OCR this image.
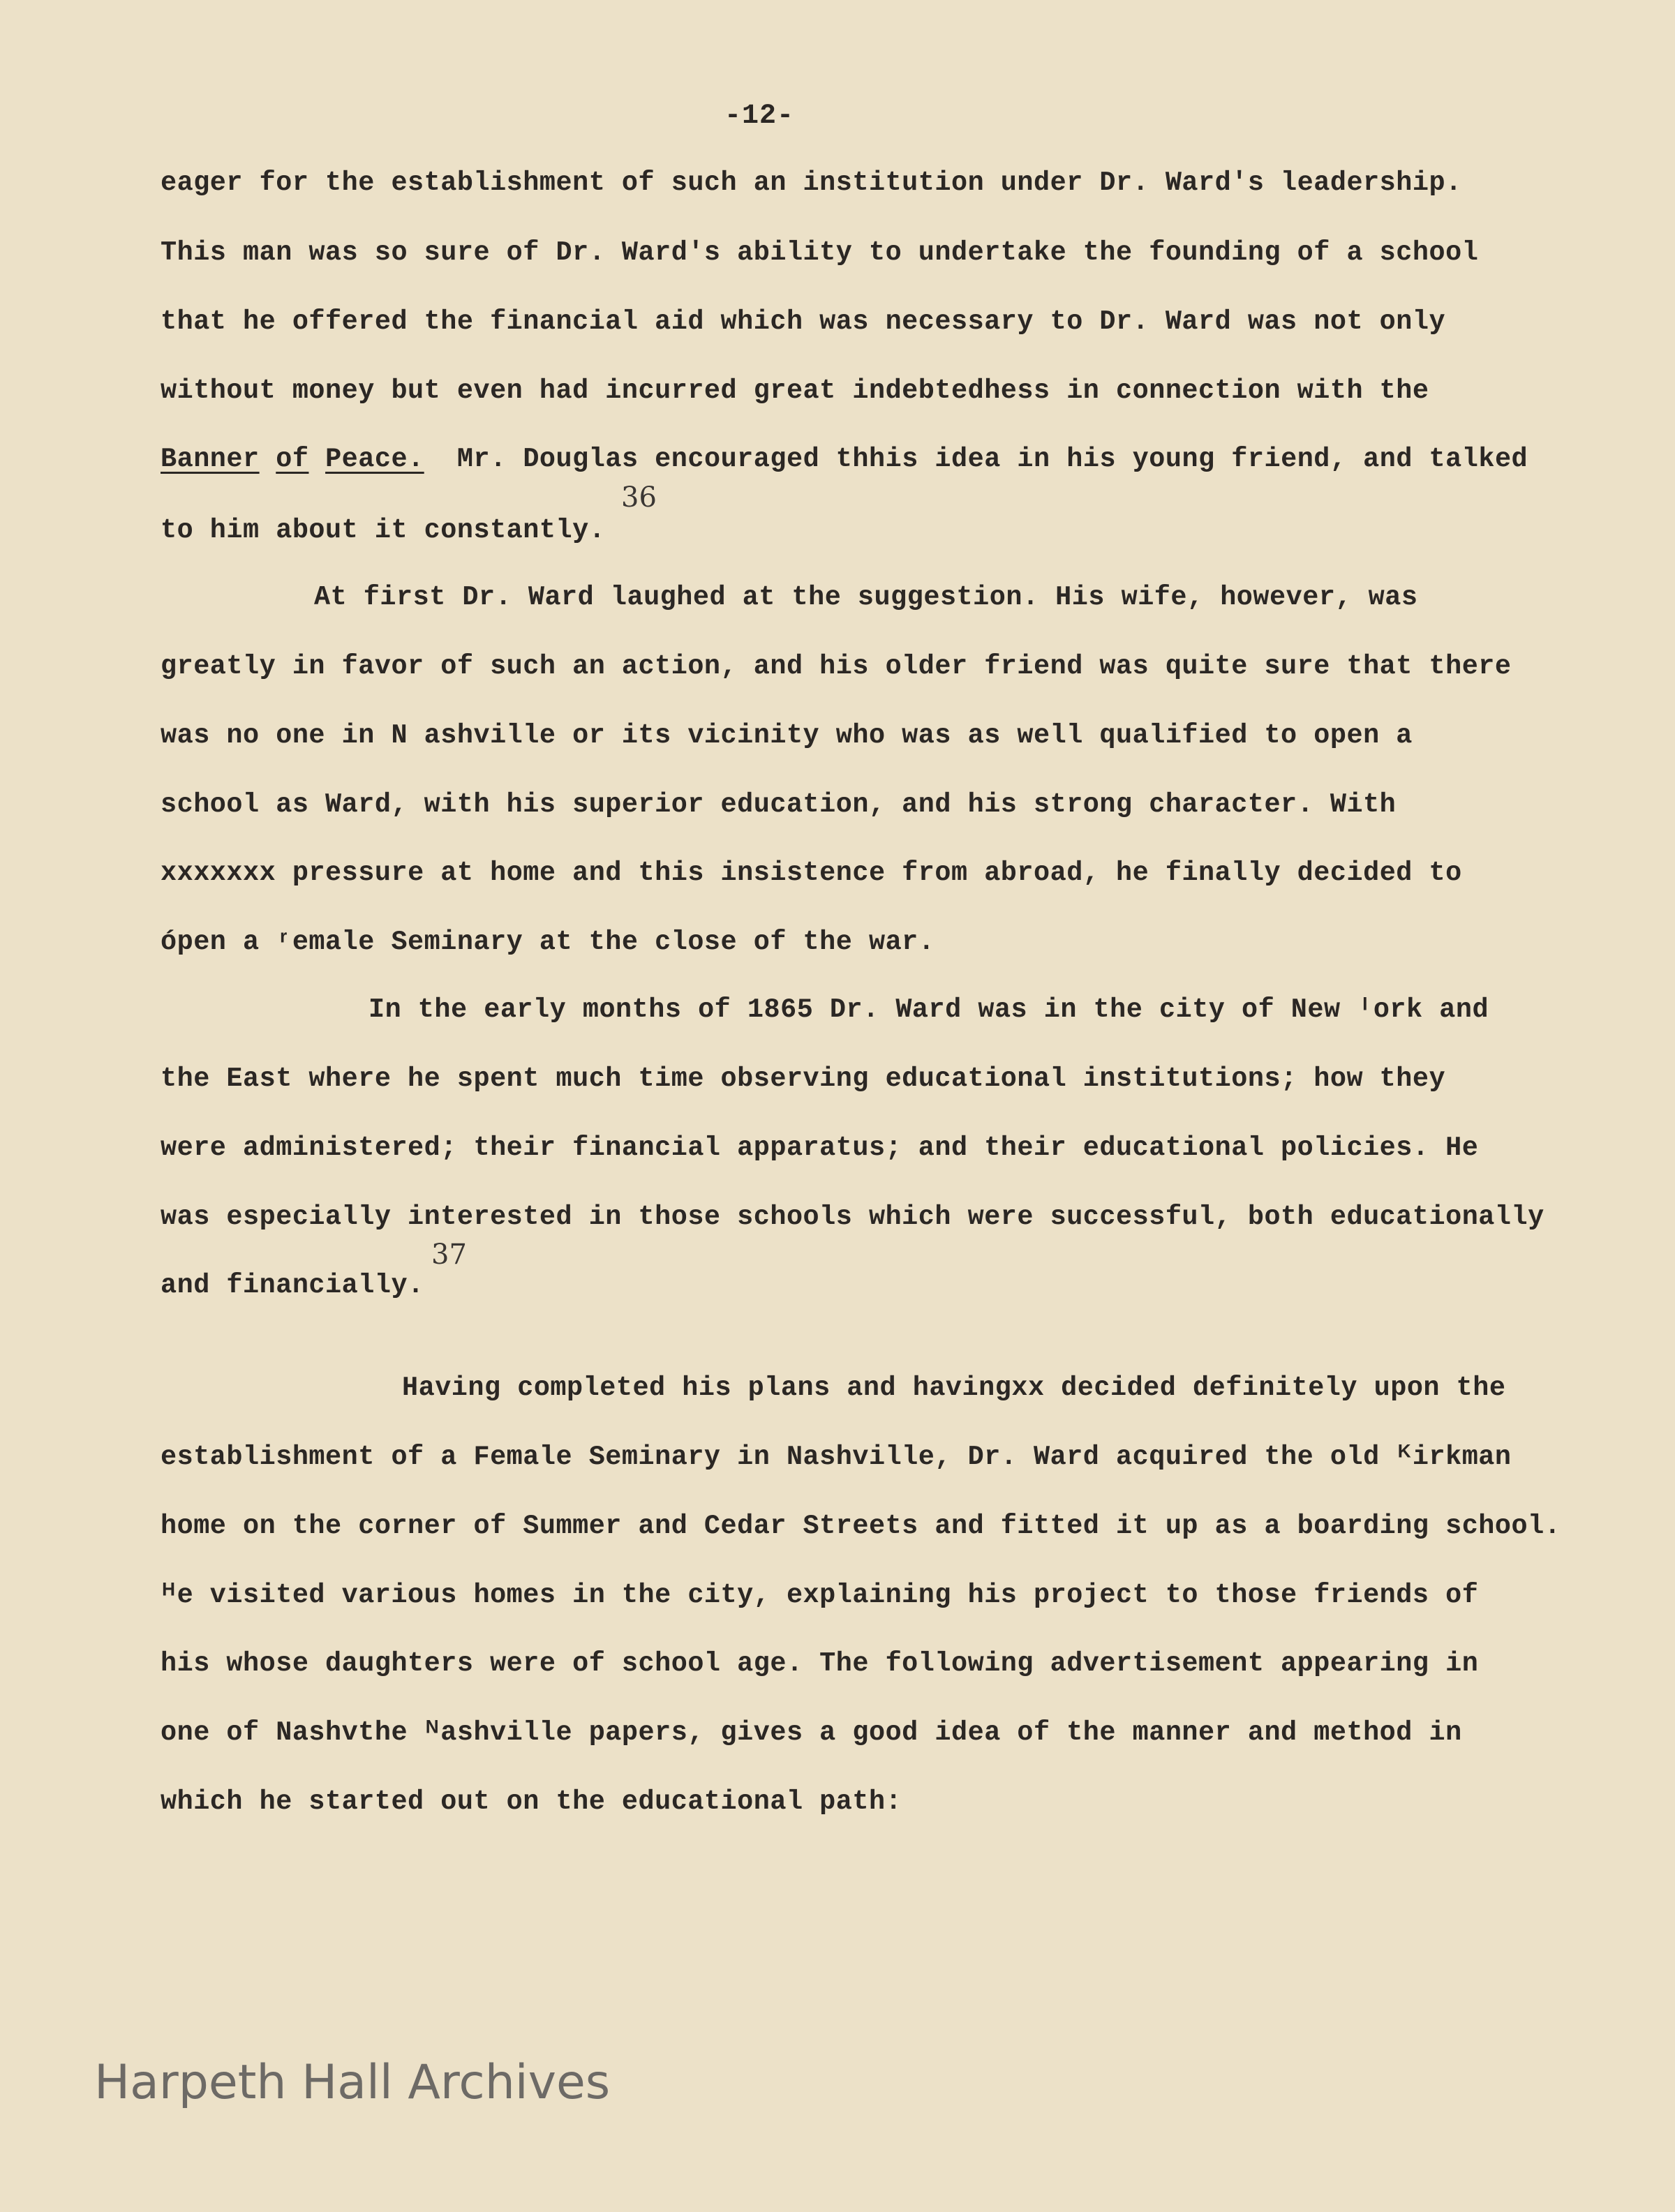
-12-
eager for the establishment of such an institution under Dr. Ward's leadership.
This man was so sure of Dr. Ward's ability to undertake the founding of a school
that he offered the financial aid which was necessary to Dr. Ward was not only
without money but even had incurred great indebtedhess in connection with the
Banner of Peace. Mr. Douglas encouraged thhis idea in his young friend, and talked
36
to him about it constantly.
At first Dr. Ward laughed at the suggestion. His wife, however, was
greatly in favor of such an action, and his older friend was quite sure that there
was no one in N ashville or its vicinity who was as well qualified to open a
school as Ward, with his superior education, and his strong character. With
xxxxxxx pressure at home and this insistence from abroad, he finally decided to
ópen a ʳemale Seminary at the close of the war.
In the early months of 1865 Dr. Ward was in the city of New ᴵork and
the East where he spent much time observing educational institutions; how they
were administered; their financial apparatus; and their educational policies. He
was especially interested in those schools which were successful, both educationally
37
and financially.
Having completed his plans and havingxx decided definitely upon the
establishment of a Female Seminary in Nashville, Dr. Ward acquired the old ᴷirkman
home on the corner of Summer and Cedar Streets and fitted it up as a boarding school.
ᴴe visited various homes in the city, explaining his project to those friends of
his whose daughters were of school age. The following advertisement appearing in
one of Nashvthe ᴺashville papers, gives a good idea of the manner and method in
which he started out on the educational path:
Harpeth Hall Archives
